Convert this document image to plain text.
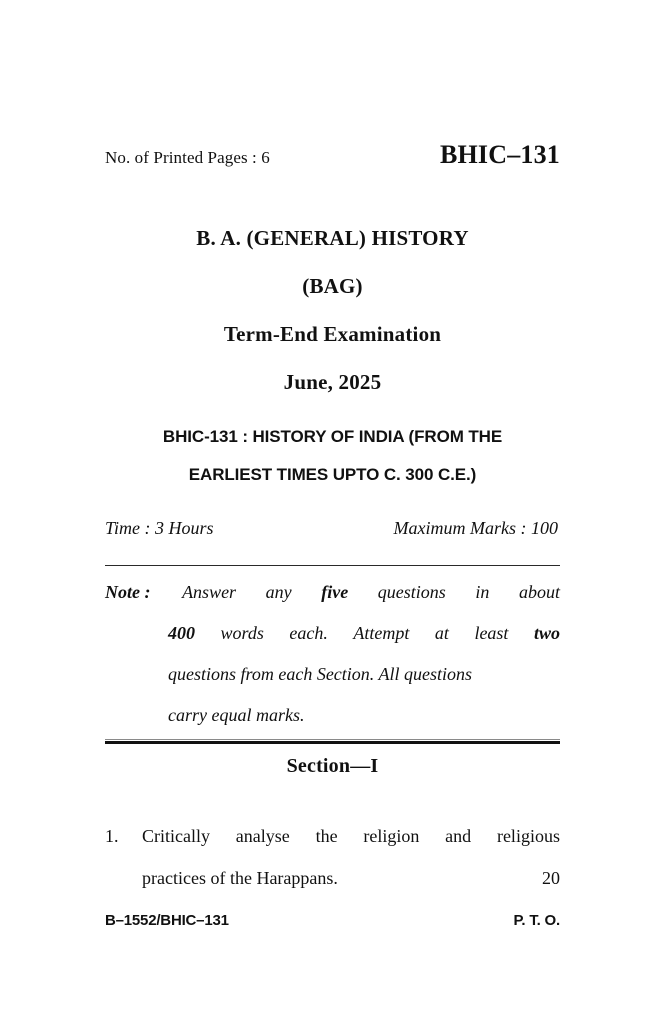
No. of Printed Pages : 6	BHIC–131
B. A. (GENERAL) HISTORY
(BAG)
Term-End Examination
June, 2025
BHIC-131 : HISTORY OF INDIA (FROM THE
EARLIEST TIMES UPTO C. 300 C.E.)
Time : 3 Hours	Maximum Marks : 100
Note : Answer any five questions in about
400 words each. Attempt at least two
questions from each Section. All questions
carry equal marks.
Section—I
1.	Critically analyse the religion and religious
practices of the Harappans.	20
B–1552/BHIC–131	P. T. O.
